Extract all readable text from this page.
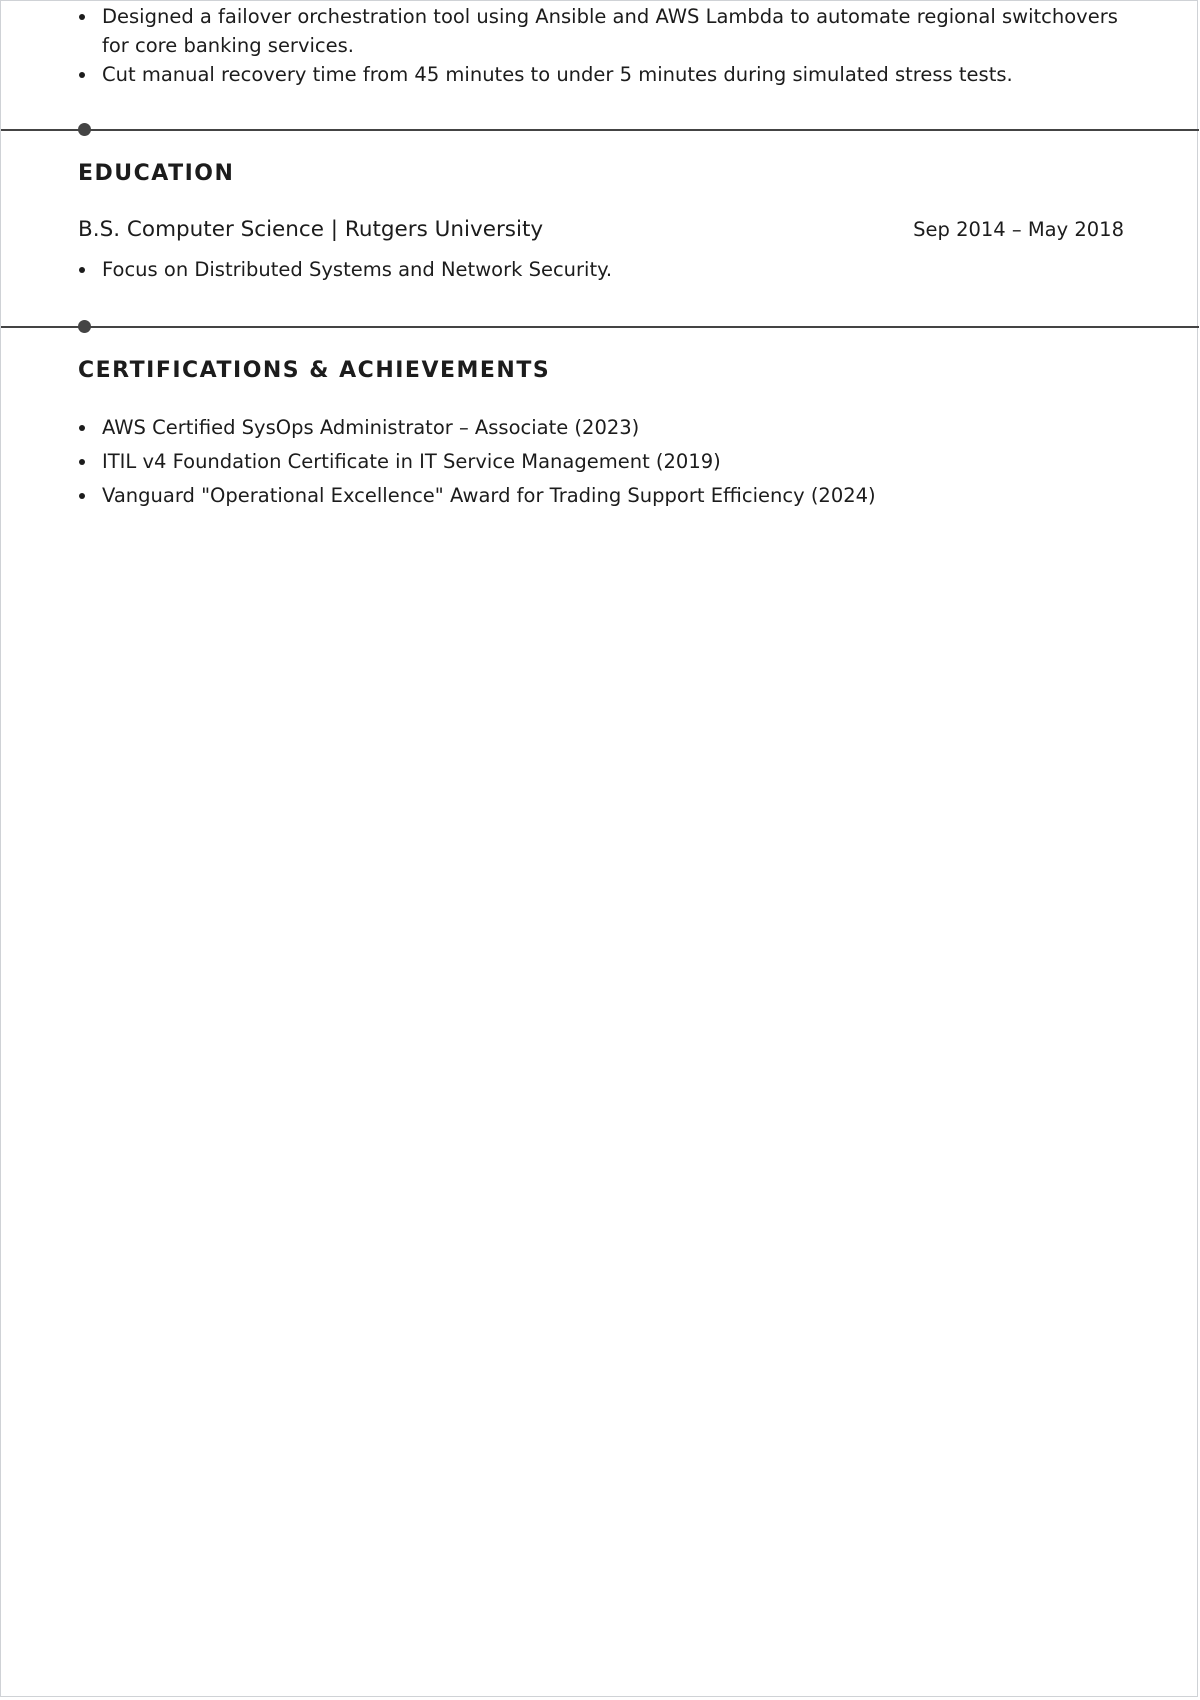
Designed a failover orchestration tool using Ansible and AWS Lambda to automate regional switchovers for core banking services.
Cut manual recovery time from 45 minutes to under 5 minutes during simulated stress tests.
EDUCATION
B.S. Computer Science | Rutgers University	Sep 2014 – May 2018
Focus on Distributed Systems and Network Security.
CERTIFICATIONS & ACHIEVEMENTS
AWS Certified SysOps Administrator – Associate (2023)
ITIL v4 Foundation Certificate in IT Service Management (2019)
Vanguard "Operational Excellence" Award for Trading Support Efficiency (2024)
